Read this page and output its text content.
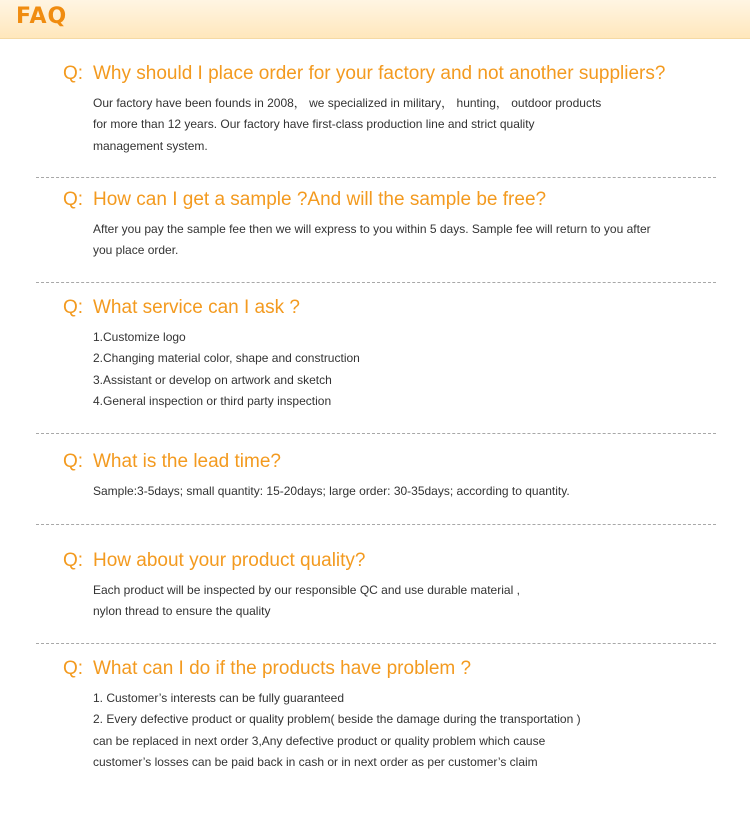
FAQ
Q: Why should I place order for your factory and not another suppliers?
Our factory have been founds in 2008， we specialized in military， hunting， outdoor products
for more than 12 years. Our factory have first-class production line and strict quality
management system.
Q: How can I get a sample ?And will the sample be free?
After you pay the sample fee then we will express to you within 5 days. Sample fee will return to you after
you place order.
Q: What service can I ask ?
1.Customize logo
2.Changing material color, shape and construction
3.Assistant or develop on artwork and sketch
4.General inspection or third party inspection
Q: What is the lead time?
Sample:3-5days; small quantity: 15-20days; large order: 30-35days; according to quantity.
Q: How about your product quality?
Each product will be inspected by our responsible QC and use durable material ,
nylon thread to ensure the quality
Q: What can I do if the products have problem ?
1. Customer’s interests can be fully guaranteed
2. Every defective product or quality problem( beside the damage during the transportation )
can be replaced in next order 3,Any defective product or quality problem which cause
customer’s losses can be paid back in cash or in next order as per customer’s claim
